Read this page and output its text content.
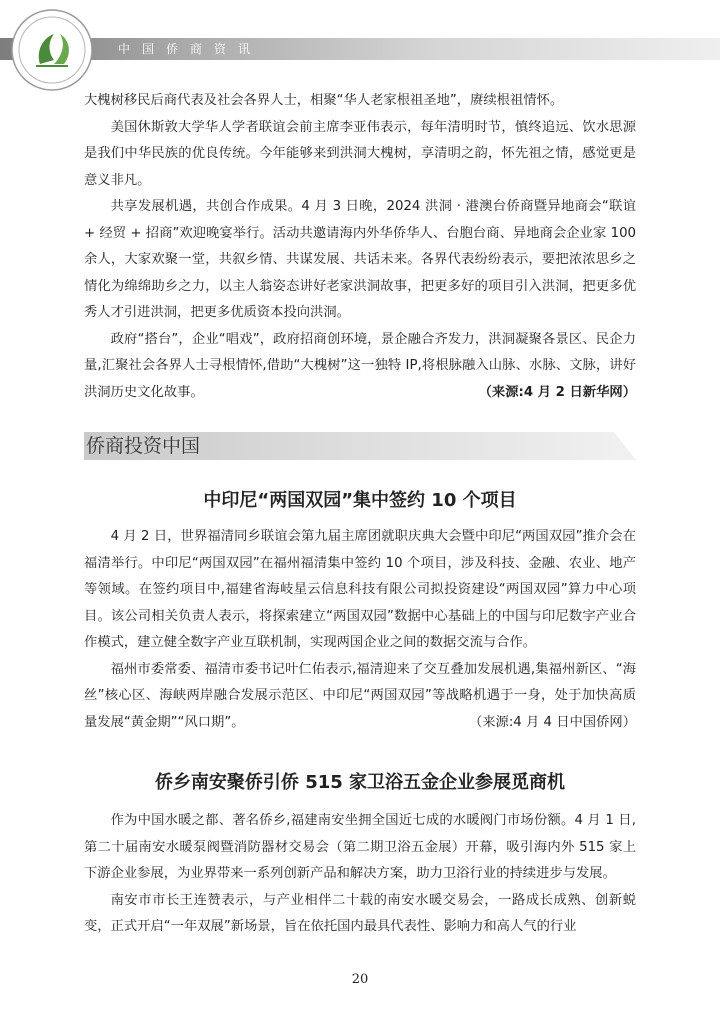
中国侨商资讯

大槐树移民后商代表及社会各界人士，相聚“华人老家根祖圣地”，赓续根祖情怀。

美国休斯敦大学华人学者联谊会前主席李亚伟表示，每年清明时节，慎终追远、饮水思源是我们中华民族的优良传统。今年能够来到洪洞大槐树，享清明之韵，怀先祖之情，感觉更是意义非凡。

共享发展机遇，共创合作成果。4 月 3 日晚，2024 洪洞 · 港澳台侨商暨异地商会“联谊 + 经贸 + 招商”欢迎晚宴举行。活动共邀请海内外华侨华人、台胞台商、异地商会企业家 100 余人，大家欢聚一堂，共叙乡情、共谋发展、共话未来。各界代表纷纷表示，要把浓浓思乡之情化为绵绵助乡之力，以主人翁姿态讲好老家洪洞故事，把更多好的项目引入洪洞，把更多优秀人才引进洪洞，把更多优质资本投向洪洞。

政府“搭台”，企业“唱戏”，政府招商创环境，景企融合齐发力，洪洞凝聚各景区、民企力量,汇聚社会各界人士寻根情怀,借助“大槐树”这一独特 IP,将根脉融入山脉、水脉、文脉，讲好洪洞历史文化故事。	（来源:4 月 2 日新华网）

侨商投资中国
中印尼“两国双园”集中签约 10 个项目

4 月 2 日，世界福清同乡联谊会第九届主席团就职庆典大会暨中印尼“两国双园”推介会在福清举行。中印尼“两国双园”在福州福清集中签约 10 个项目，涉及科技、金融、农业、地产等领域。在签约项目中,福建省海岐星云信息科技有限公司拟投资建设“两国双园”算力中心项目。该公司相关负责人表示，将探索建立“两国双园”数据中心基础上的中国与印尼数字产业合作模式，建立健全数字产业互联机制，实现两国企业之间的数据交流与合作。

福州市委常委、福清市委书记叶仁佑表示,福清迎来了交互叠加发展机遇,集福州新区、“海丝”核心区、海峡两岸融合发展示范区、中印尼“两国双园”等战略机遇于一身，处于加快高质量发展“黄金期”“风口期”。	（来源:4 月 4 日中国侨网）

侨乡南安聚侨引侨 515 家卫浴五金企业参展觅商机

作为中国水暖之都、著名侨乡,福建南安坐拥全国近七成的水暖阀门市场份额。4 月 1 日,第二十届南安水暖泵阀暨消防器材交易会（第二期卫浴五金展）开幕，吸引海内外 515 家上下游企业参展，为业界带来一系列创新产品和解决方案，助力卫浴行业的持续进步与发展。

南安市市长王连赞表示，与产业相伴二十载的南安水暖交易会，一路成长成熟、创新蜕变，正式开启“一年双展”新场景，旨在依托国内最具代表性、影响力和高人气的行业

20
